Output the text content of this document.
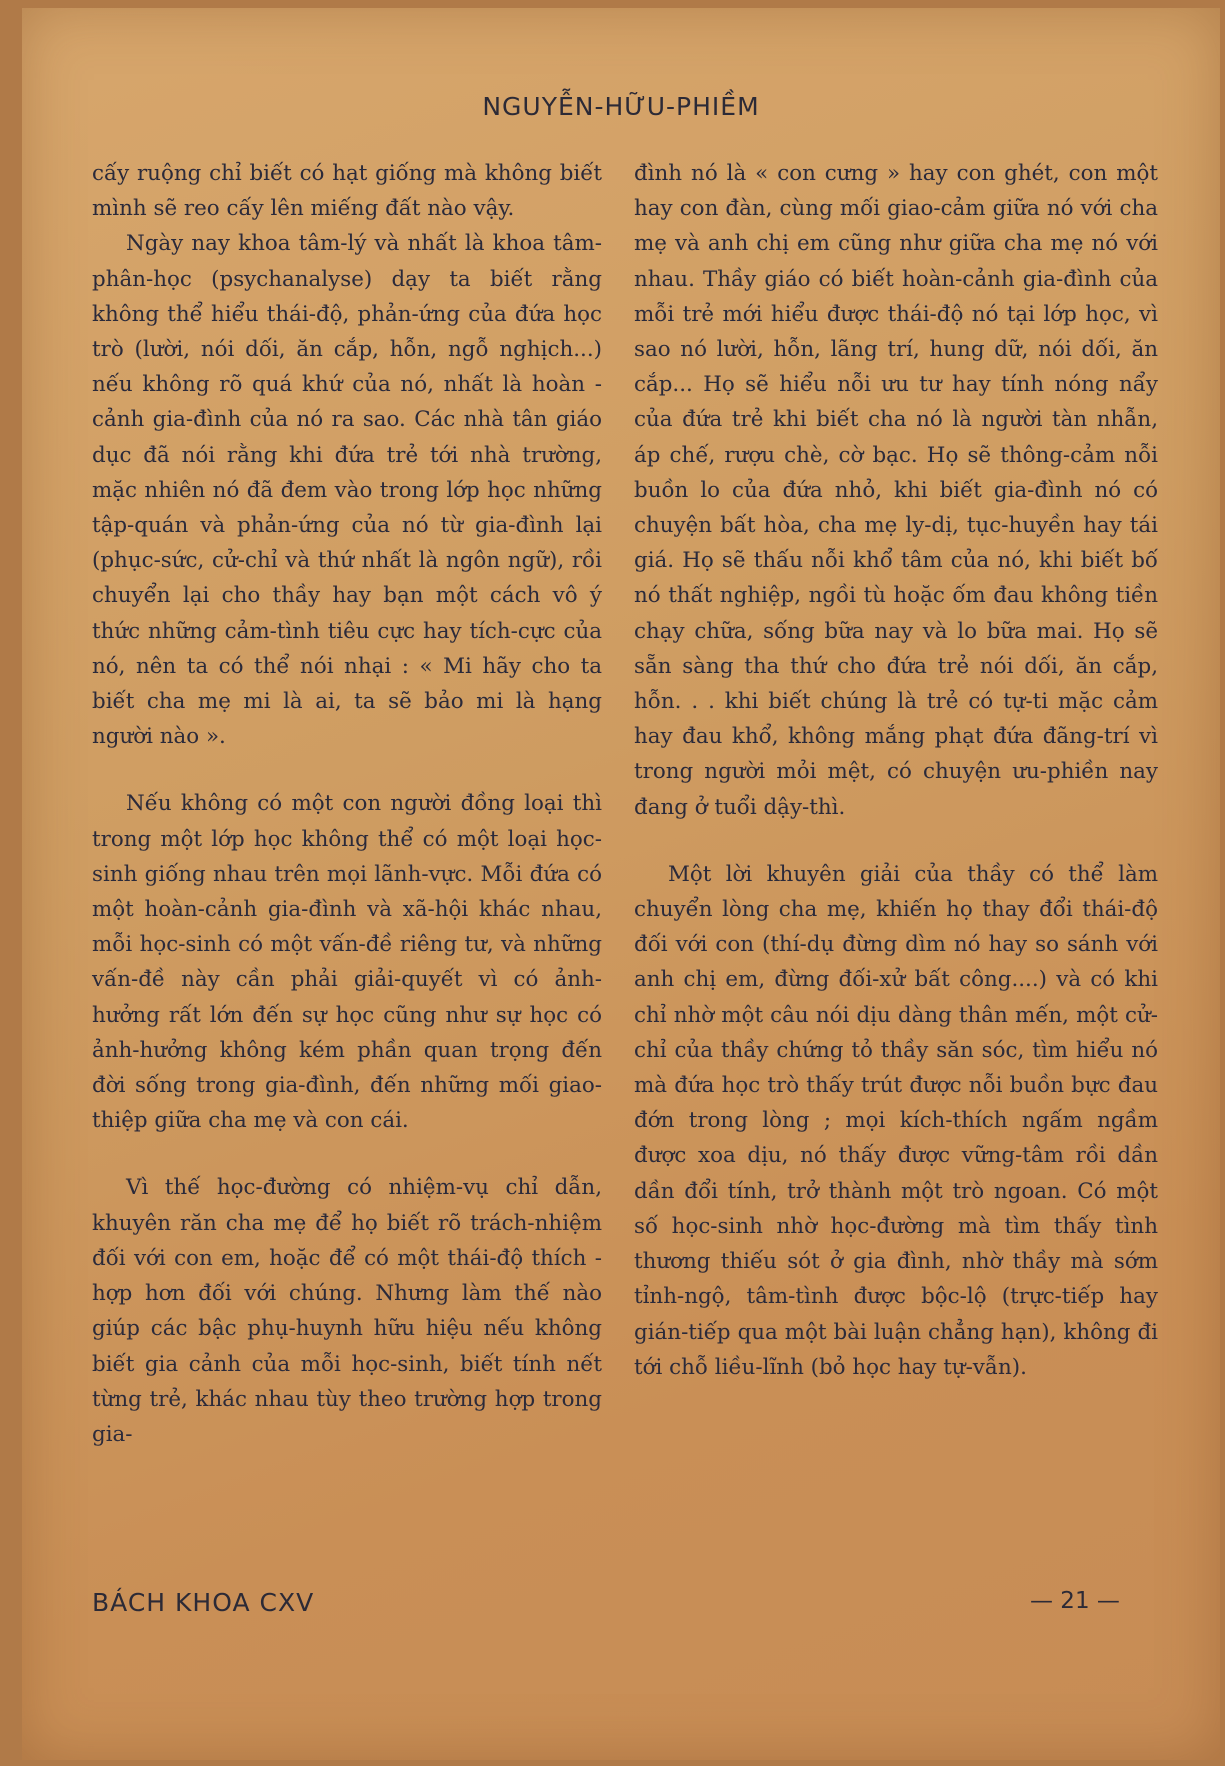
NGUYỄN-HỮU-PHIỀM

cấy ruộng chỉ biết có hạt giống mà không biết mình sẽ reo cấy lên miếng đất nào vậy.

Ngày nay khoa tâm-lý và nhất là khoa tâm-phân-học (psychanalyse) dạy ta biết rằng không thể hiểu thái-độ, phản-ứng của đứa học trò (lười, nói dối, ăn cắp, hỗn, ngỗ nghịch...) nếu không rõ quá khứ của nó, nhất là hoàn - cảnh gia-đình của nó ra sao. Các nhà tân giáo dục đã nói rằng khi đứa trẻ tới nhà trường, mặc nhiên nó đã đem vào trong lớp học những tập-quán và phản-ứng của nó từ gia-đình lại (phục-sức, cử-chỉ và thứ nhất là ngôn ngữ), rồi chuyển lại cho thầy hay bạn một cách vô ý thức những cảm-tình tiêu cực hay tích-cực của nó, nên ta có thể nói nhại : « Mi hãy cho ta biết cha mẹ mi là ai, ta sẽ bảo mi là hạng người nào ».

Nếu không có một con người đồng loại thì trong một lớp học không thể có một loại học-sinh giống nhau trên mọi lãnh-vực. Mỗi đứa có một hoàn-cảnh gia-đình và xã-hội khác nhau, mỗi học-sinh có một vấn-đề riêng tư, và những vấn-đề này cần phải giải-quyết vì có ảnh-hưởng rất lớn đến sự học cũng như sự học có ảnh-hưởng không kém phần quan trọng đến đời sống trong gia-đình, đến những mối giao-thiệp giữa cha mẹ và con cái.

Vì thế học-đường có nhiệm-vụ chỉ dẫn, khuyên răn cha mẹ để họ biết rõ trách-nhiệm đối với con em, hoặc để có một thái-độ thích - hợp hơn đối với chúng. Nhưng làm thế nào giúp các bậc phụ-huynh hữu hiệu nếu không biết gia cảnh của mỗi học-sinh, biết tính nết từng trẻ, khác nhau tùy theo trường hợp trong gia-

đình nó là « con cưng » hay con ghét, con một hay con đàn, cùng mối giao-cảm giữa nó với cha mẹ và anh chị em cũng như giữa cha mẹ nó với nhau. Thầy giáo có biết hoàn-cảnh gia-đình của mỗi trẻ mới hiểu được thái-độ nó tại lớp học, vì sao nó lười, hỗn, lãng trí, hung dữ, nói dối, ăn cắp... Họ sẽ hiểu nỗi ưu tư hay tính nóng nẩy của đứa trẻ khi biết cha nó là người tàn nhẫn, áp chế, rượu chè, cờ bạc. Họ sẽ thông-cảm nỗi buồn lo của đứa nhỏ, khi biết gia-đình nó có chuyện bất hòa, cha mẹ ly-dị, tục-huyền hay tái giá. Họ sẽ thấu nỗi khổ tâm của nó, khi biết bố nó thất nghiệp, ngồi tù hoặc ốm đau không tiền chạy chữa, sống bữa nay và lo bữa mai. Họ sẽ sẵn sàng tha thứ cho đứa trẻ nói dối, ăn cắp, hỗn. . . khi biết chúng là trẻ có tự-ti mặc cảm hay đau khổ, không mắng phạt đứa đãng-trí vì trong người mỏi mệt, có chuyện ưu-phiền nay đang ở tuổi dậy-thì.

Một lời khuyên giải của thầy có thể làm chuyển lòng cha mẹ, khiến họ thay đổi thái-độ đối với con (thí-dụ đừng dìm nó hay so sánh với anh chị em, đừng đối-xử bất công....) và có khi chỉ nhờ một câu nói dịu dàng thân mến, một cử-chỉ của thầy chứng tỏ thầy săn sóc, tìm hiểu nó mà đứa học trò thấy trút được nỗi buồn bực đau đớn trong lòng ; mọi kích-thích ngấm ngầm được xoa dịu, nó thấy được vững-tâm rồi dần dần đổi tính, trở thành một trò ngoan. Có một số học-sinh nhờ học-đường mà tìm thấy tình thương thiếu sót ở gia đình, nhờ thầy mà sớm tỉnh-ngộ, tâm-tình được bộc-lộ (trực-tiếp hay gián-tiếp qua một bài luận chẳng hạn), không đi tới chỗ liều-lĩnh (bỏ học hay tự-vẫn).

BÁCH KHOA CXV	— 21 —
